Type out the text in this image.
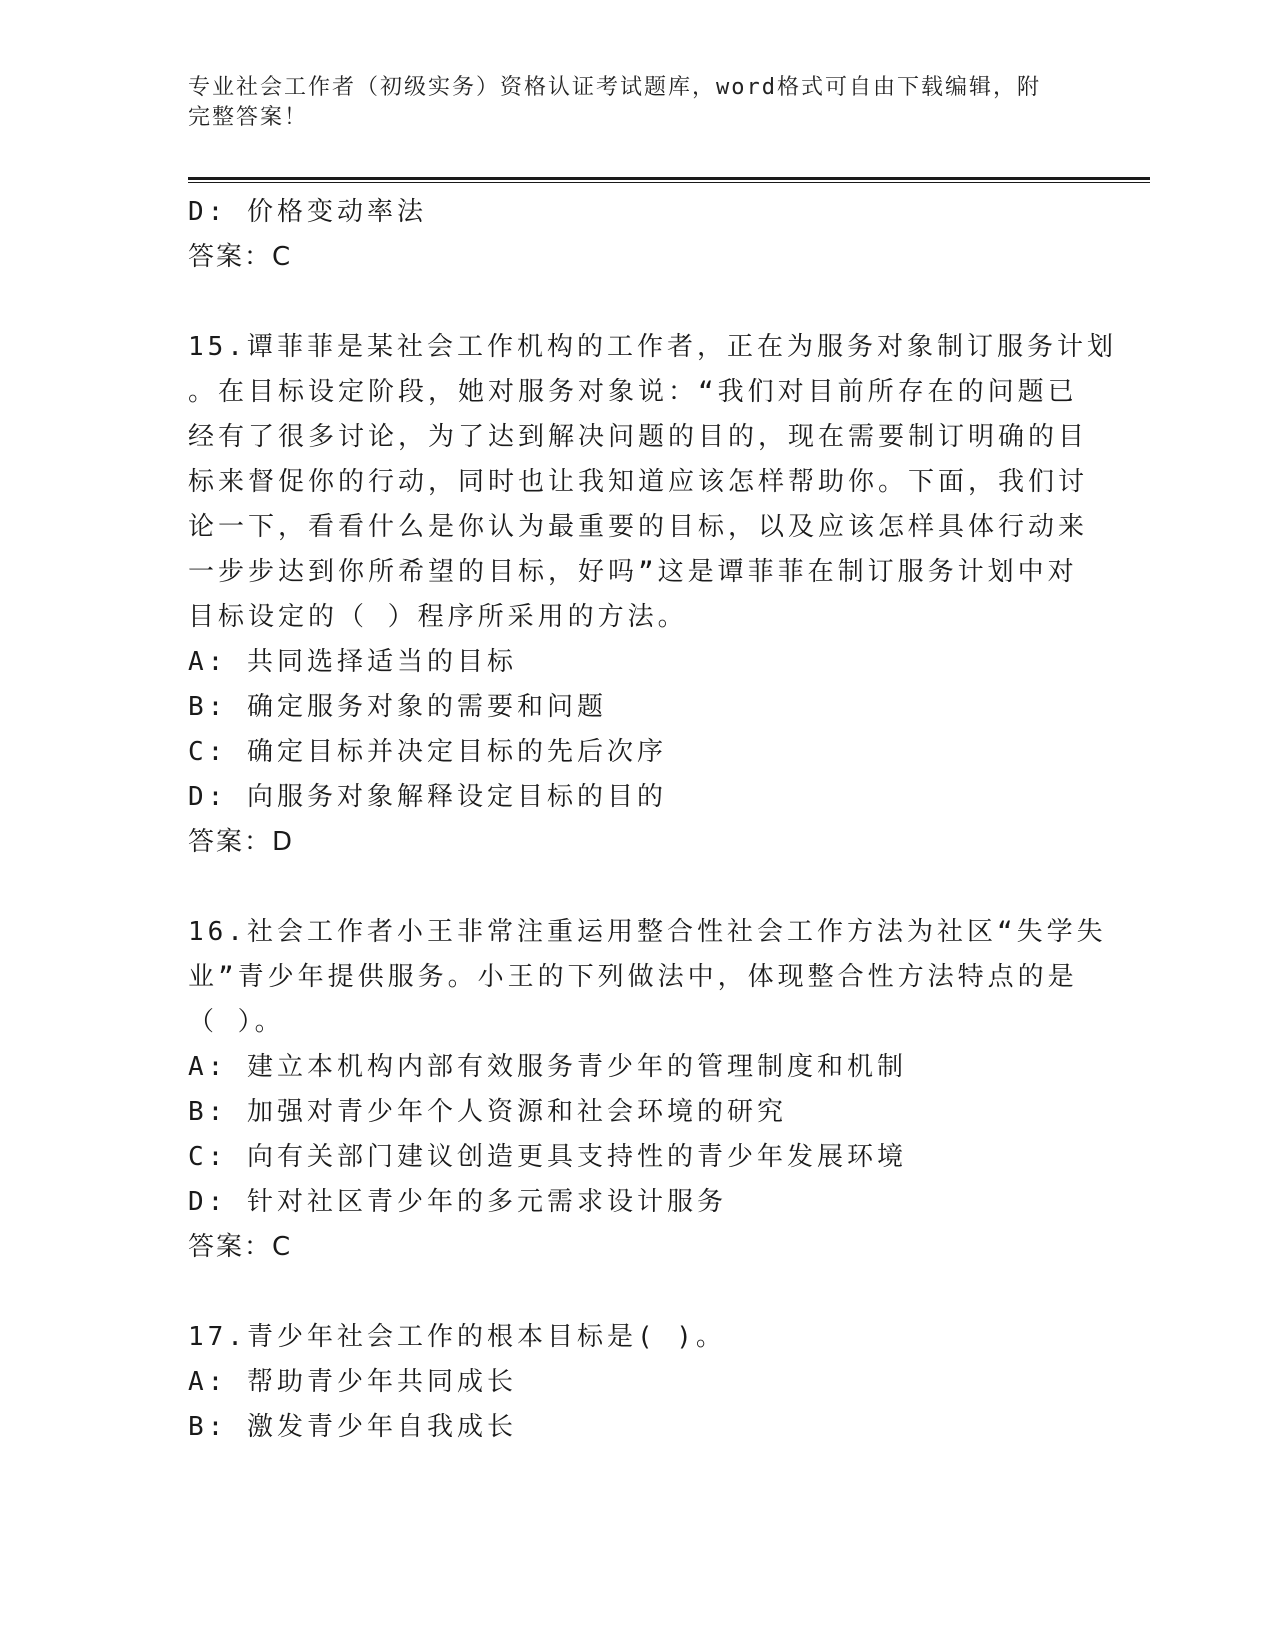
专业社会工作者（初级实务）资格认证考试题库，word格式可自由下载编辑，附
完整答案！
D: 价格变动率法
答案：C
15.谭菲菲是某社会工作机构的工作者，正在为服务对象制订服务计划
。在目标设定阶段，她对服务对象说：“我们对目前所存在的问题已
经有了很多讨论，为了达到解决问题的目的，现在需要制订明确的目
标来督促你的行动，同时也让我知道应该怎样帮助你。下面，我们讨
论一下，看看什么是你认为最重要的目标，以及应该怎样具体行动来
一步步达到你所希望的目标，好吗”这是谭菲菲在制订服务计划中对
目标设定的（ ）程序所采用的方法。
A: 共同选择适当的目标
B: 确定服务对象的需要和问题
C: 确定目标并决定目标的先后次序
D: 向服务对象解释设定目标的目的
答案：D
16.社会工作者小王非常注重运用整合性社会工作方法为社区“失学失
业”青少年提供服务。小王的下列做法中，体现整合性方法特点的是
（ ）。
A: 建立本机构内部有效服务青少年的管理制度和机制
B: 加强对青少年个人资源和社会环境的研究
C: 向有关部门建议创造更具支持性的青少年发展环境
D: 针对社区青少年的多元需求设计服务
答案：C
17.青少年社会工作的根本目标是( )。
A: 帮助青少年共同成长
B: 激发青少年自我成长
